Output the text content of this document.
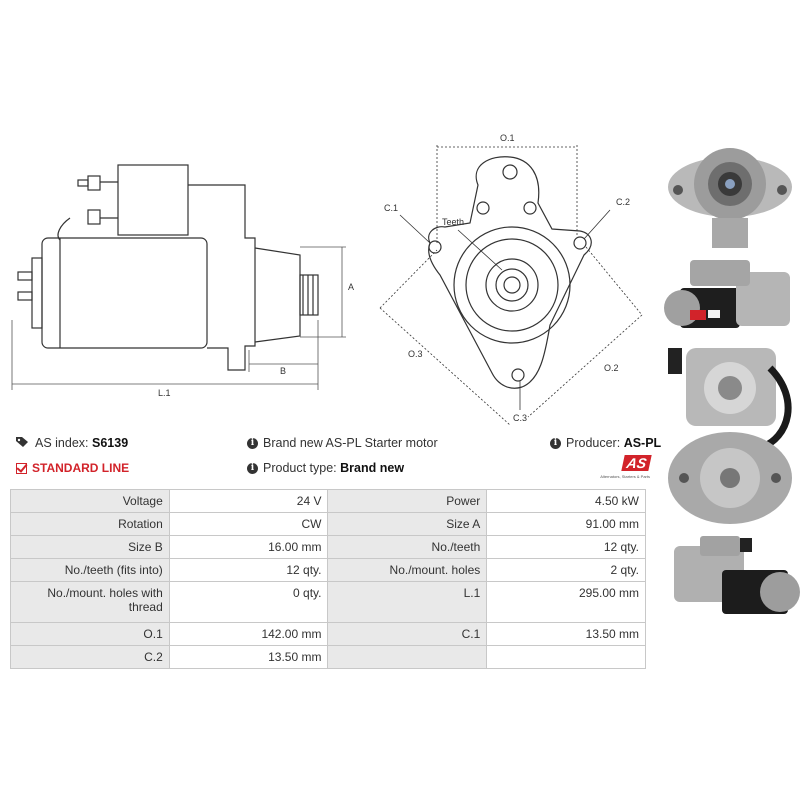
A
B
L.1
O.1
C.1
C.2
Teeth
O.3
O.2
C.3
AS index:
S6139
STANDARD LINE
i Brand new AS-PL Starter motor
i Product type:
Brand new
i Producer:
AS-PL
AS
Alternators, Starters & Parts
Voltage	24 V	Power	4.50 kW
Rotation	CW	Size A	91.00 mm
Size B	16.00 mm	No./teeth	12 qty.
No./teeth (fits into)	12 qty.	No./mount. holes	2 qty.
No./mount. holes with thread	0 qty.	L.1	295.00 mm
O.1	142.00 mm	C.1	13.50 mm
C.2	13.50 mm		
